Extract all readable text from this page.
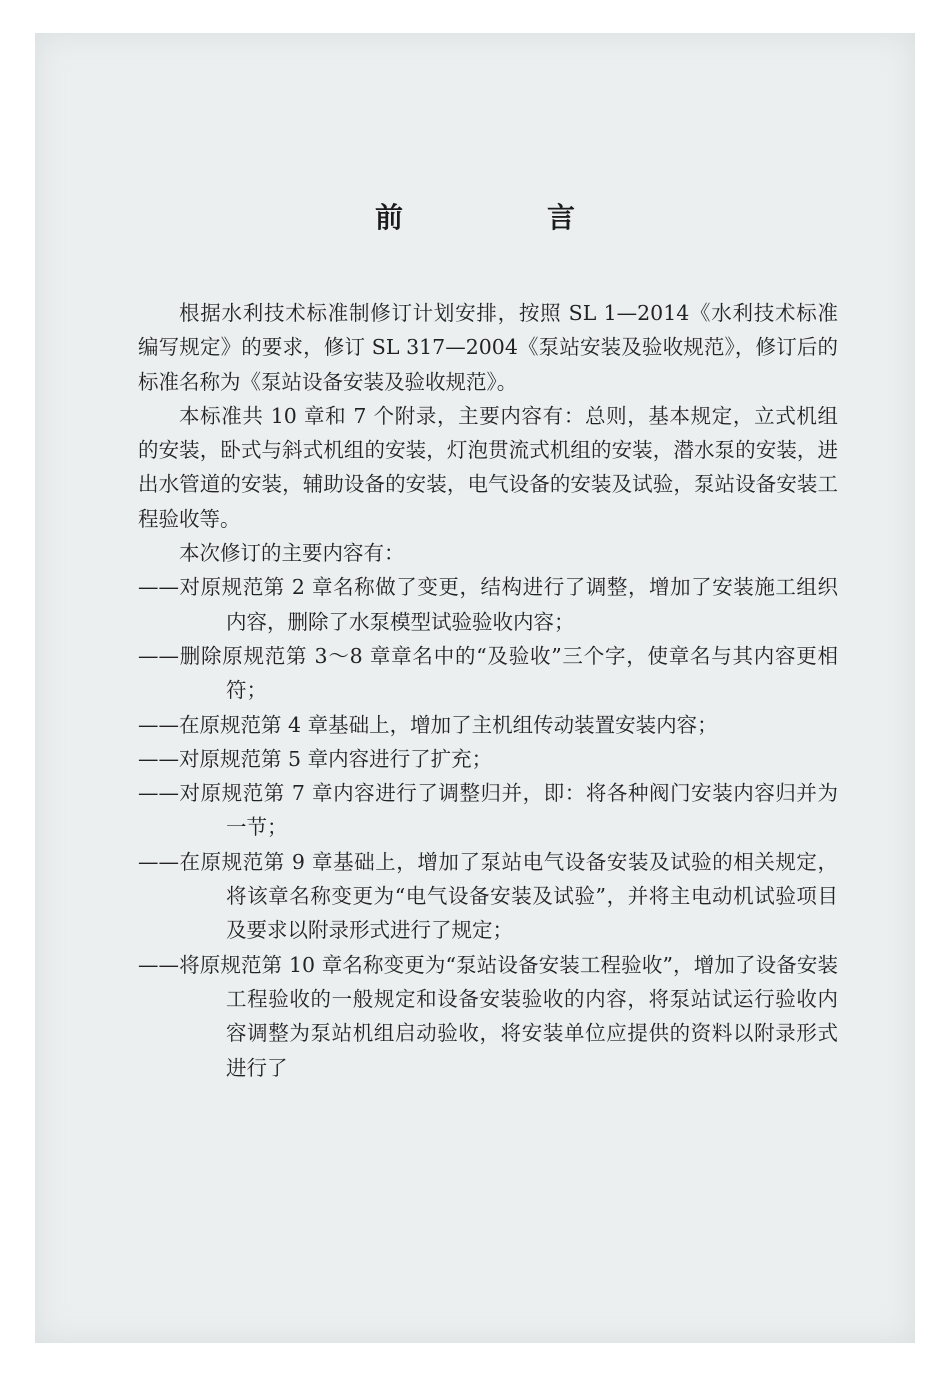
前　言

根据水利技术标准制修订计划安排，按照 SL 1—2014《水利技术标准编写规定》的要求，修订 SL 317—2004《泵站安装及验收规范》，修订后的标准名称为《泵站设备安装及验收规范》。

本标准共 10 章和 7 个附录，主要内容有：总则，基本规定，立式机组的安装，卧式与斜式机组的安装，灯泡贯流式机组的安装，潜水泵的安装，进出水管道的安装，辅助设备的安装，电气设备的安装及试验，泵站设备安装工程验收等。

本次修订的主要内容有：

——对原规范第 2 章名称做了变更，结构进行了调整，增加了安装施工组织内容，删除了水泵模型试验验收内容；

——删除原规范第 3～8 章章名中的“及验收”三个字，使章名与其内容更相符；

——在原规范第 4 章基础上，增加了主机组传动装置安装内容；

——对原规范第 5 章内容进行了扩充；

——对原规范第 7 章内容进行了调整归并，即：将各种阀门安装内容归并为一节；

——在原规范第 9 章基础上，增加了泵站电气设备安装及试验的相关规定，将该章名称变更为“电气设备安装及试验”，并将主电动机试验项目及要求以附录形式进行了规定；

——将原规范第 10 章名称变更为“泵站设备安装工程验收”，增加了设备安装工程验收的一般规定和设备安装验收的内容，将泵站试运行验收内容调整为泵站机组启动验收，将安装单位应提供的资料以附录形式进行了
